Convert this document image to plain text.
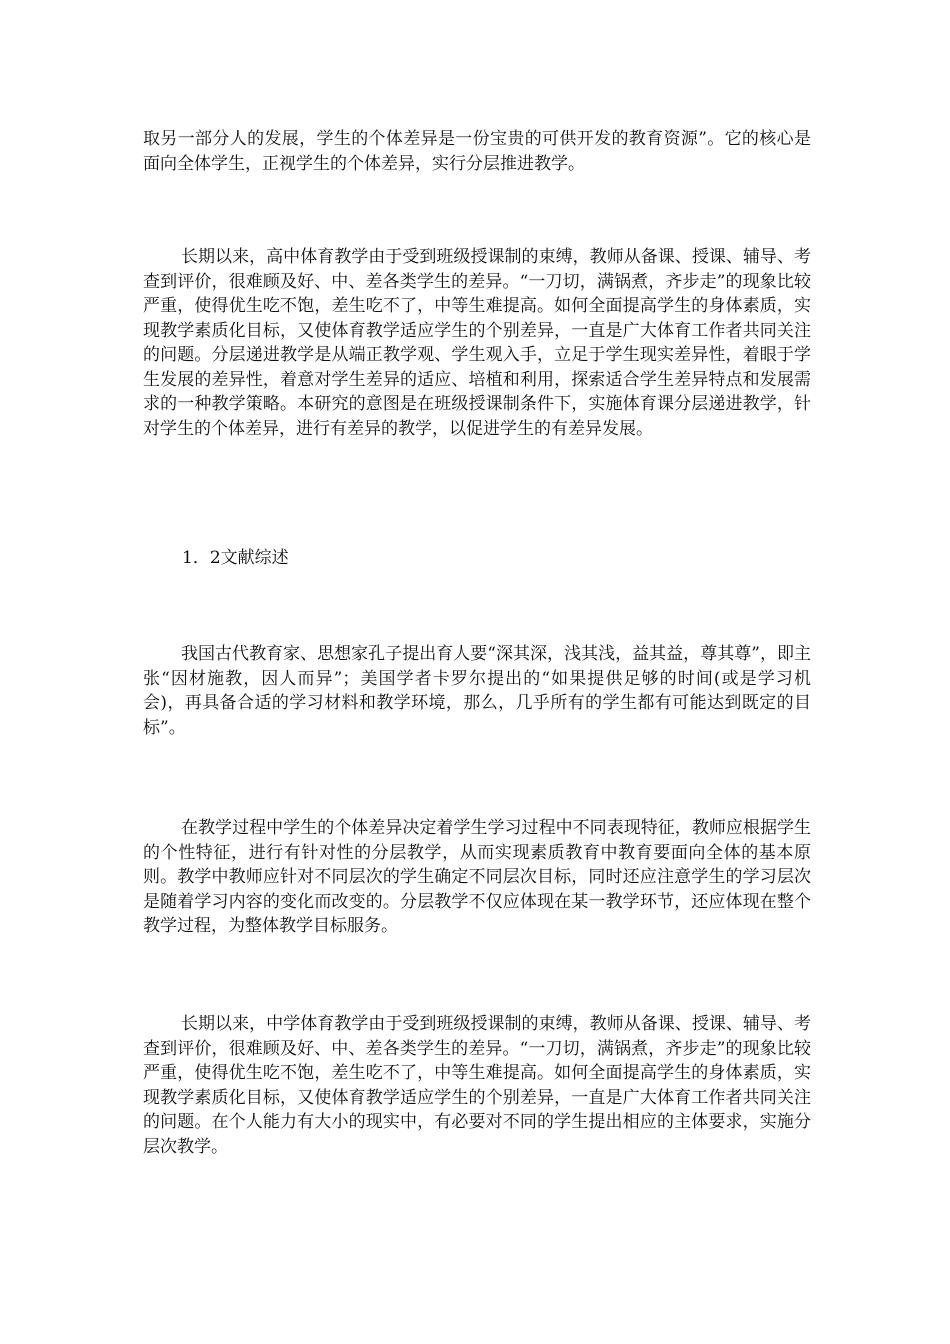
取另一部分人的发展，学生的个体差异是一份宝贵的可供开发的教育资源”。它的核心是面向全体学生，正视学生的个体差异，实行分层推进教学。

长期以来，高中体育教学由于受到班级授课制的束缚，教师从备课、授课、辅导、考查到评价，很难顾及好、中、差各类学生的差异。“一刀切，满锅煮，齐步走”的现象比较严重，使得优生吃不饱，差生吃不了，中等生难提高。如何全面提高学生的身体素质，实现教学素质化目标，又使体育教学适应学生的个别差异，一直是广大体育工作者共同关注的问题。分层递进教学是从端正教学观、学生观入手，立足于学生现实差异性，着眼于学生发展的差异性，着意对学生差异的适应、培植和利用，探索适合学生差异特点和发展需求的一种教学策略。本研究的意图是在班级授课制条件下，实施体育课分层递进教学，针对学生的个体差异，进行有差异的教学，以促进学生的有差异发展。

1．2文献综述

我国古代教育家、思想家孔子提出育人要“深其深，浅其浅，益其益，尊其尊”，即主张“因材施教，因人而异”；美国学者卡罗尔提出的“如果提供足够的时间(或是学习机会)，再具备合适的学习材料和教学环境，那么，几乎所有的学生都有可能达到既定的目标”。

在教学过程中学生的个体差异决定着学生学习过程中不同表现特征，教师应根据学生的个性特征，进行有针对性的分层教学，从而实现素质教育中教育要面向全体的基本原则。教学中教师应针对不同层次的学生确定不同层次目标，同时还应注意学生的学习层次是随着学习内容的变化而改变的。分层教学不仅应体现在某一教学环节，还应体现在整个教学过程，为整体教学目标服务。

长期以来，中学体育教学由于受到班级授课制的束缚，教师从备课、授课、辅导、考查到评价，很难顾及好、中、差各类学生的差异。“一刀切，满锅煮，齐步走”的现象比较严重，使得优生吃不饱，差生吃不了，中等生难提高。如何全面提高学生的身体素质，实现教学素质化目标，又使体育教学适应学生的个别差异，一直是广大体育工作者共同关注的问题。在个人能力有大小的现实中，有必要对不同的学生提出相应的主体要求，实施分层次教学。
